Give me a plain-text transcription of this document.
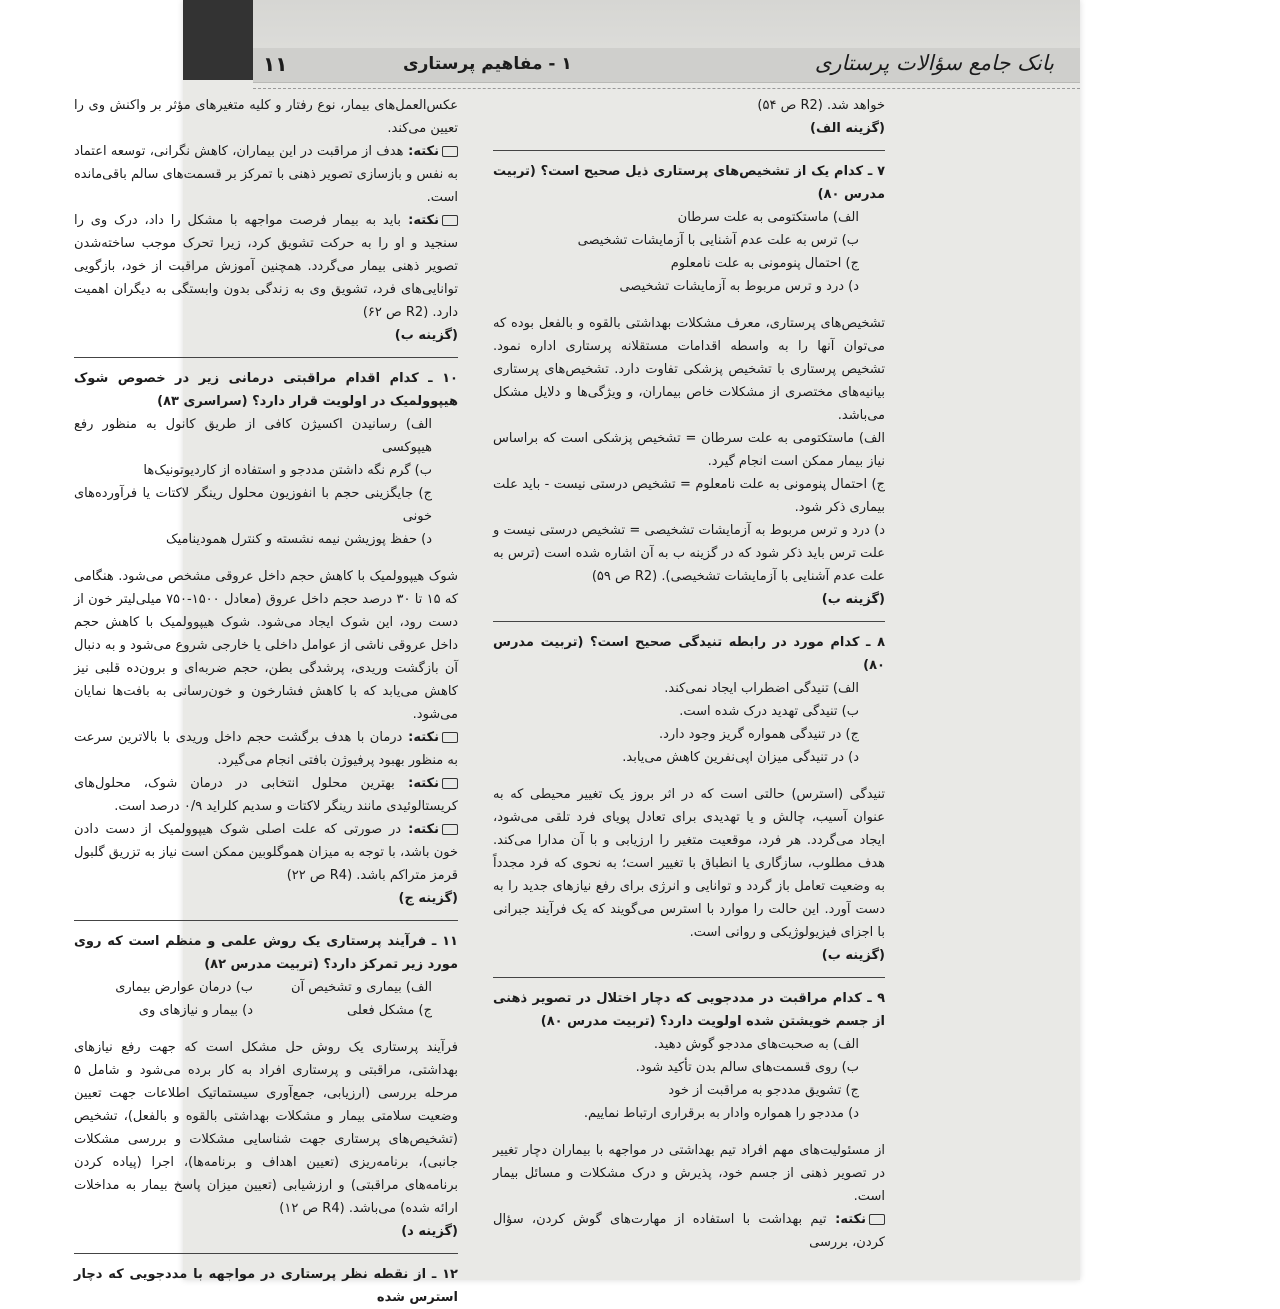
۱۱	۱ - مفاهیم پرستاری	بانک جامع سؤالات پرستاری

خواهد شد. (R2 ص ۵۴)

(گزینه الف)

۷ ـ کدام یک از تشخیص‌های پرستاری ذیل صحیح است؟ (تربیت مدرس ۸۰)

الف) ماستکتومی به علت سرطان

ب) ترس به علت عدم آشنایی با آزمایشات تشخیصی

ج) احتمال پنومونی به علت نامعلوم

د) درد و ترس مربوط به آزمایشات تشخیصی

تشخیص‌های پرستاری، معرف مشکلات بهداشتی بالقوه و بالفعل بوده که می‌توان آنها را به واسطه اقدامات مستقلانه پرستاری اداره نمود. تشخیص پرستاری با تشخیص پزشکی تفاوت دارد. تشخیص‌های پرستاری بیانیه‌های مختصری از مشکلات خاص بیماران، و ویژگی‌ها و دلایل مشکل می‌باشد.

الف) ماستکتومی به علت سرطان = تشخیص پزشکی است که براساس نیاز بیمار ممکن است انجام گیرد.

ج) احتمال پنومونی به علت نامعلوم = تشخیص درستی نیست - باید علت بیماری ذکر شود.

د) درد و ترس مربوط به آزمایشات تشخیصی = تشخیص درستی نیست و علت ترس باید ذکر شود که در گزینه ب به آن اشاره شده است (ترس به علت عدم آشنایی با آزمایشات تشخیصی). (R2 ص ۵۹)

(گزینه ب)

۸ ـ کدام مورد در رابطه تنیدگی صحیح است؟ (تربیت مدرس ۸۰)

الف) تنیدگی اضطراب ایجاد نمی‌کند.

ب) تنیدگی تهدید درک شده است.

ج) در تنیدگی همواره گریز وجود دارد.

د) در تنیدگی میزان اپی‌نفرین کاهش می‌یابد.

تنیدگی (استرس) حالتی است که در اثر بروز یک تغییر محیطی که به عنوان آسیب، چالش و یا تهدیدی برای تعادل پویای فرد تلقی می‌شود، ایجاد می‌گردد. هر فرد، موقعیت متغیر را ارزیابی و با آن مدارا می‌کند. هدف مطلوب، سازگاری یا انطباق با تغییر است؛ به نحوی که فرد مجدداً به وضعیت تعامل باز گردد و توانایی و انرژی برای رفع نیازهای جدید را به دست آورد. این حالت را موارد با استرس می‌گویند که یک فرآیند جبرانی با اجزای فیزیولوژیکی و روانی است.

(گزینه ب)

۹ ـ کدام مراقبت در مددجویی که دچار اختلال در تصویر ذهنی از جسم خویشتن شده اولویت دارد؟ (تربیت مدرس ۸۰)

الف) به صحبت‌های مددجو گوش دهید.

ب) روی قسمت‌های سالم بدن تأکید شود.

ج) تشویق مددجو به مراقبت از خود

د) مددجو را همواره وادار به برقراری ارتباط نماییم.

از مسئولیت‌های مهم افراد تیم بهداشتی در مواجهه با بیماران دچار تغییر در تصویر ذهنی از جسم خود، پذیرش و درک مشکلات و مسائل بیمار است.

نکته: تیم بهداشت با استفاده از مهارت‌های گوش کردن، سؤال کردن، بررسی

عکس‌العمل‌های بیمار، نوع رفتار و کلیه متغیرهای مؤثر بر واکنش وی را تعیین می‌کند.

نکته: هدف از مراقبت در این بیماران، کاهش نگرانی، توسعه اعتماد به نفس و بازسازی تصویر ذهنی با تمرکز بر قسمت‌های سالم باقی‌مانده است.

نکته: باید به بیمار فرصت مواجهه با مشکل را داد، درک وی را سنجید و او را به حرکت تشویق کرد، زیرا تحرک موجب ساخته‌شدن تصویر ذهنی بیمار می‌گردد. همچنین آموزش مراقبت از خود، بازگویی توانایی‌های فرد، تشویق وی به زندگی بدون وابستگی به دیگران اهمیت دارد. (R2 ص ۶۲)

(گزینه ب)

۱۰ ـ کدام اقدام مراقبتی درمانی زیر در خصوص شوک هیپوولمیک در اولویت قرار دارد؟ (سراسری ۸۳)

الف) رسانیدن اکسیژن کافی از طریق کانول به منظور رفع هیپوکسی

ب) گرم نگه داشتن مددجو و استفاده از کاردیوتونیک‌ها

ج) جایگزینی حجم با انفوزیون محلول رینگر لاکتات یا فرآورده‌های خونی

د) حفظ پوزیشن نیمه نشسته و کنترل همودینامیک

شوک هیپوولمیک با کاهش حجم داخل عروقی مشخص می‌شود. هنگامی که ۱۵ تا ۳۰ درصد حجم داخل عروق (معادل ۱۵۰۰-۷۵۰ میلی‌لیتر خون از دست رود، این شوک ایجاد می‌شود. شوک هیپوولمیک با کاهش حجم داخل عروقی ناشی از عوامل داخلی یا خارجی شروع می‌شود و به دنبال آن بازگشت وریدی، پرشدگی بطن، حجم ضربه‌ای و برون‌ده قلبی نیز کاهش می‌یابد که با کاهش فشارخون و خون‌رسانی به بافت‌ها نمایان می‌شود.

نکته: درمان با هدف برگشت حجم داخل وریدی با بالاترین سرعت به منظور بهبود پرفیوژن بافتی انجام می‌گیرد.

نکته: بهترین محلول انتخابی در درمان شوک، محلول‌های کریستالوئیدی مانند رینگر لاکتات و سدیم کلراید ۰/۹ درصد است.

نکته: در صورتی که علت اصلی شوک هیپوولمیک از دست دادن خون باشد، با توجه به میزان هموگلوبین ممکن است نیاز به تزریق گلبول قرمز متراکم باشد. (R4 ص ۲۲)

(گزینه ج)

۱۱ ـ فرآیند پرستاری یک روش علمی و منظم است که روی مورد زیر تمرکز دارد؟ (تربیت مدرس ۸۲)

الف) بیماری و تشخیص آن
ب) درمان عوارض بیماری
ج) مشکل فعلی
د) بیمار و نیازهای وی

فرآیند پرستاری یک روش حل مشکل است که جهت رفع نیازهای بهداشتی، مراقبتی و پرستاری افراد به کار برده می‌شود و شامل ۵ مرحله بررسی (ارزیابی، جمع‌آوری سیستماتیک اطلاعات جهت تعیین وضعیت سلامتی بیمار و مشکلات بهداشتی بالقوه و بالفعل)، تشخیص (تشخیص‌های پرستاری جهت شناسایی مشکلات و بررسی مشکلات جانبی)، برنامه‌ریزی (تعیین اهداف و برنامه‌ها)، اجرا (پیاده کردن برنامه‌های مراقبتی) و ارزشیابی (تعیین میزان پاسخ بیمار به مداخلات ارائه شده) می‌باشد. (R4 ص ۱۲)

(گزینه د)

۱۲ ـ از نقطه نظر پرستاری در مواجهه با مددجویی که دچار استرس شده
